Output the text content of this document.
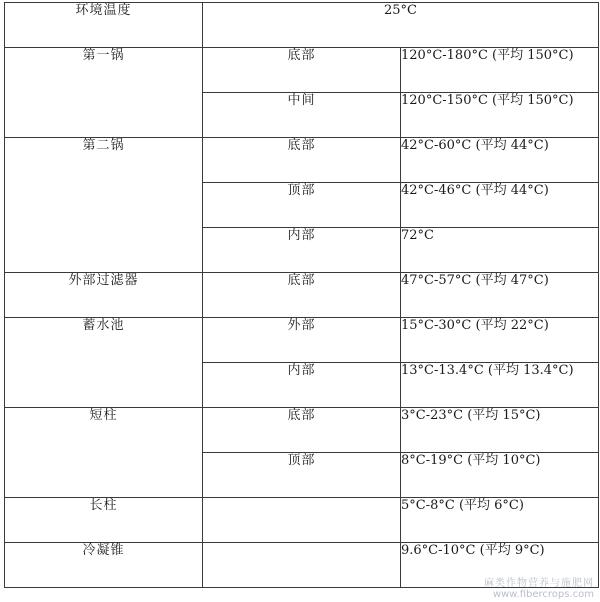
环境温度	25°C	
第一锅	底部	120°C-180°C (平均 150°C)
	中间	120°C-150°C (平均 150°C)
第二锅	底部	42°C-60°C (平均 44°C)
	顶部	42°C-46°C (平均 44°C)
	内部	72°C
外部过滤器	底部	47°C-57°C (平均 47°C)
蓄水池	外部	15°C-30°C (平均 22°C)
	内部	13°C-13.4°C (平均 13.4°C)
短柱	底部	3°C-23°C (平均 15°C)
	顶部	8°C-19°C (平均 10°C)
长柱		5°C-8°C (平均 6°C)
冷凝锥		9.6°C-10°C (平均 9°C)
麻类作物营养与施肥网
www.fibercrops.com
